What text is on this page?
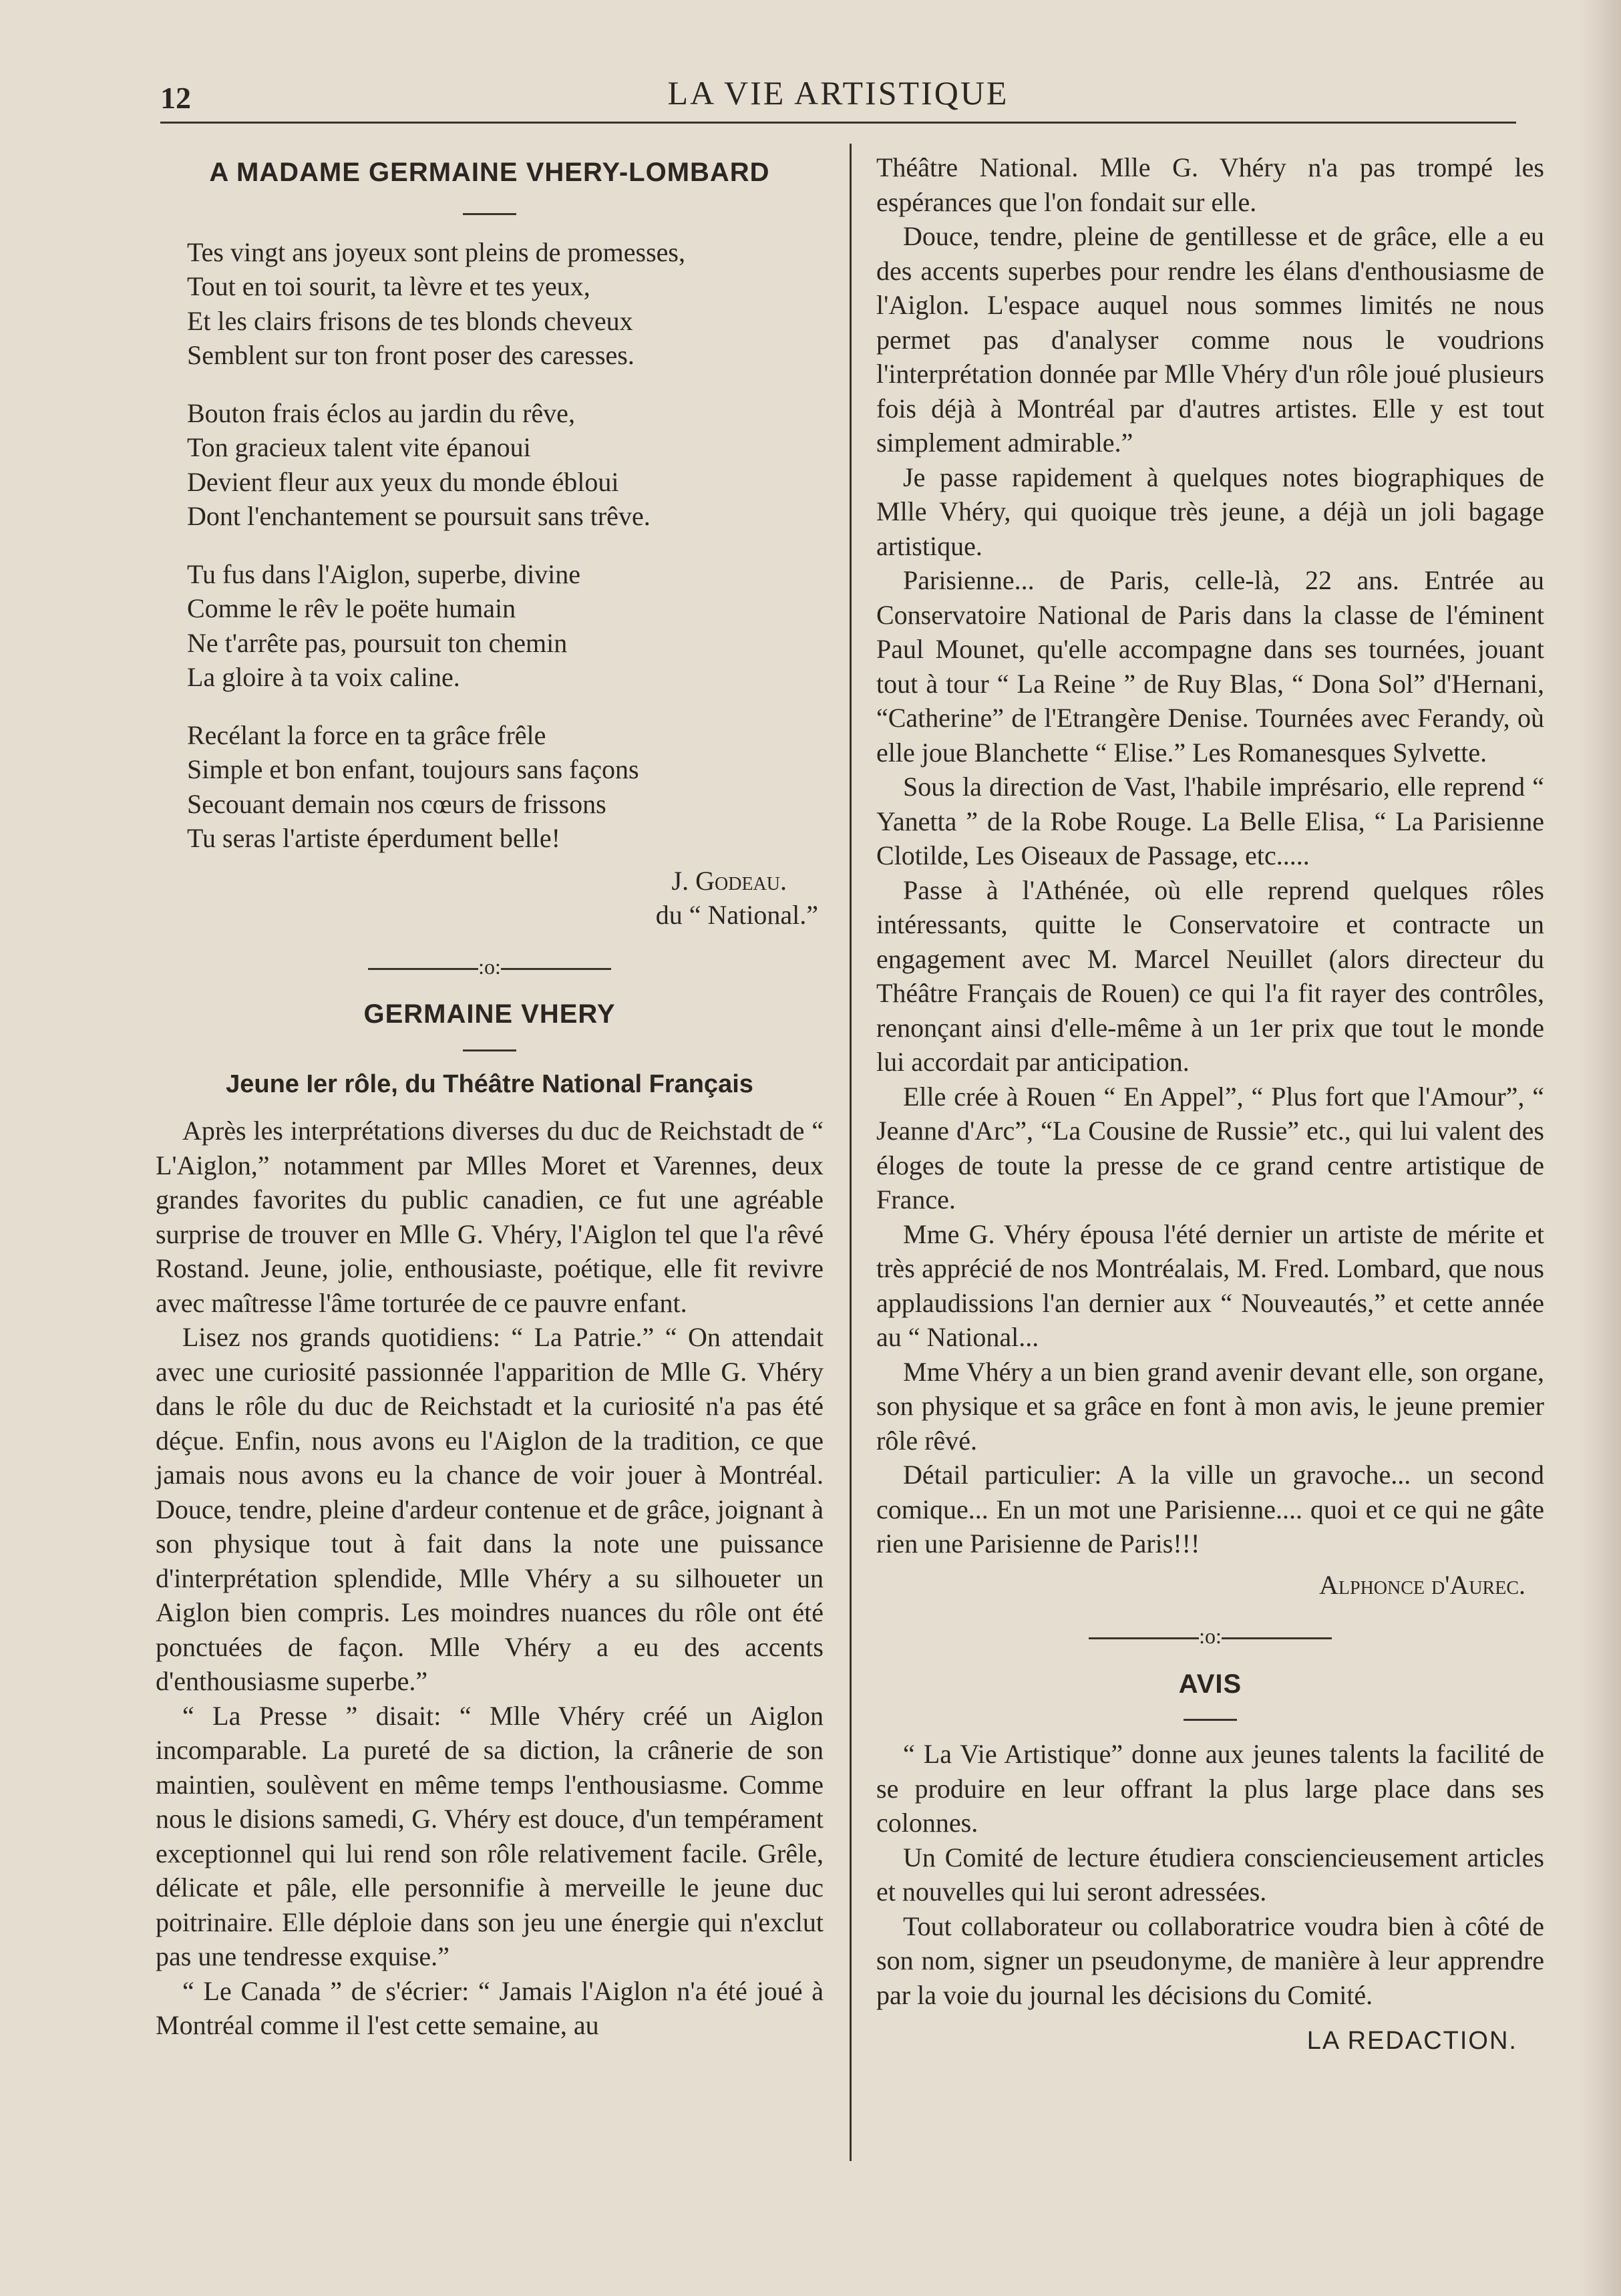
12	LA VIE ARTISTIQUE
A MADAME GERMAINE VHERY-LOMBARD
Tes vingt ans joyeux sont pleins de promesses,
Tout en toi sourit, ta lèvre et tes yeux,
Et les clairs frisons de tes blonds cheveux
Semblent sur ton front poser des caresses.
Bouton frais éclos au jardin du rêve,
Ton gracieux talent vite épanoui
Devient fleur aux yeux du monde ébloui
Dont l'enchantement se poursuit sans trêve.
Tu fus dans l'Aiglon, superbe, divine
Comme le rêv le poëte humain
Ne t'arrête pas, poursuit ton chemin
La gloire à ta voix caline.
Recélant la force en ta grâce frêle
Simple et bon enfant, toujours sans façons
Secouant demain nos cœurs de frissons
Tu seras l'artiste éperdument belle!
J. Godeau.
du “ National.”
:o:
GERMAINE VHERY
Jeune Ier rôle, du Théâtre National Français

Après les interprétations diverses du duc de Reichstadt de “ L'Aiglon,” notamment par Mlles Moret et Varennes, deux grandes favorites du public canadien, ce fut une agréable surprise de trouver en Mlle G. Vhéry, l'Aiglon tel que l'a rêvé Rostand. Jeune, jolie, enthousiaste, poétique, elle fit revivre avec maîtresse l'âme torturée de ce pauvre enfant.

Lisez nos grands quotidiens: “ La Patrie.” “ On attendait avec une curiosité passionnée l'apparition de Mlle G. Vhéry dans le rôle du duc de Reichstadt et la curiosité n'a pas été déçue. Enfin, nous avons eu l'Aiglon de la tradition, ce que jamais nous avons eu la chance de voir jouer à Montréal. Douce, tendre, pleine d'ardeur contenue et de grâce, joignant à son physique tout à fait dans la note une puissance d'interprétation splendide, Mlle Vhéry a su silhoueter un Aiglon bien compris. Les moindres nuances du rôle ont été ponctuées de façon. Mlle Vhéry a eu des accents d'enthousiasme superbe.”

“ La Presse ” disait: “ Mlle Vhéry créé un Aiglon incomparable. La pureté de sa diction, la crânerie de son maintien, soulèvent en même temps l'enthousiasme. Comme nous le disions samedi, G. Vhéry est douce, d'un tempérament exceptionnel qui lui rend son rôle relativement facile. Grêle, délicate et pâle, elle personnifie à merveille le jeune duc poitrinaire. Elle déploie dans son jeu une énergie qui n'exclut pas une tendresse exquise.”

“ Le Canada ” de s'écrier: “ Jamais l'Aiglon n'a été joué à Montréal comme il l'est cette semaine, au

Théâtre National. Mlle G. Vhéry n'a pas trompé les espérances que l'on fondait sur elle.

Douce, tendre, pleine de gentillesse et de grâce, elle a eu des accents superbes pour rendre les élans d'enthousiasme de l'Aiglon. L'espace auquel nous sommes limités ne nous permet pas d'analyser comme nous le voudrions l'interprétation donnée par Mlle Vhéry d'un rôle joué plusieurs fois déjà à Montréal par d'autres artistes. Elle y est tout simplement admirable.”

Je passe rapidement à quelques notes biographiques de Mlle Vhéry, qui quoique très jeune, a déjà un joli bagage artistique.

Parisienne... de Paris, celle-là, 22 ans. Entrée au Conservatoire National de Paris dans la classe de l'éminent Paul Mounet, qu'elle accompagne dans ses tournées, jouant tout à tour “ La Reine ” de Ruy Blas, “ Dona Sol” d'Hernani, “Catherine” de l'Etrangère Denise. Tournées avec Ferandy, où elle joue Blanchette “ Elise.” Les Romanesques Sylvette.

Sous la direction de Vast, l'habile imprésario, elle reprend “ Yanetta ” de la Robe Rouge. La Belle Elisa, “ La Parisienne Clotilde, Les Oiseaux de Passage, etc.....

Passe à l'Athénée, où elle reprend quelques rôles intéressants, quitte le Conservatoire et contracte un engagement avec M. Marcel Neuillet (alors directeur du Théâtre Français de Rouen) ce qui l'a fit rayer des contrôles, renonçant ainsi d'elle-même à un 1er prix que tout le monde lui accordait par anticipation.

Elle crée à Rouen “ En Appel”, “ Plus fort que l'Amour”, “ Jeanne d'Arc”, “La Cousine de Russie” etc., qui lui valent des éloges de toute la presse de ce grand centre artistique de France.

Mme G. Vhéry épousa l'été dernier un artiste de mérite et très apprécié de nos Montréalais, M. Fred. Lombard, que nous applaudissions l'an dernier aux “ Nouveautés,” et cette année au “ National...

Mme Vhéry a un bien grand avenir devant elle, son organe, son physique et sa grâce en font à mon avis, le jeune premier rôle rêvé.

Détail particulier: A la ville un gravoche... un second comique... En un mot une Parisienne.... quoi et ce qui ne gâte rien une Parisienne de Paris!!!

Alphonce d'Aurec.
:o:
AVIS

“ La Vie Artistique” donne aux jeunes talents la facilité de se produire en leur offrant la plus large place dans ses colonnes.

Un Comité de lecture étudiera consciencieusement articles et nouvelles qui lui seront adressées.

Tout collaborateur ou collaboratrice voudra bien à côté de son nom, signer un pseudonyme, de manière à leur apprendre par la voie du journal les décisions du Comité.

LA REDACTION.
